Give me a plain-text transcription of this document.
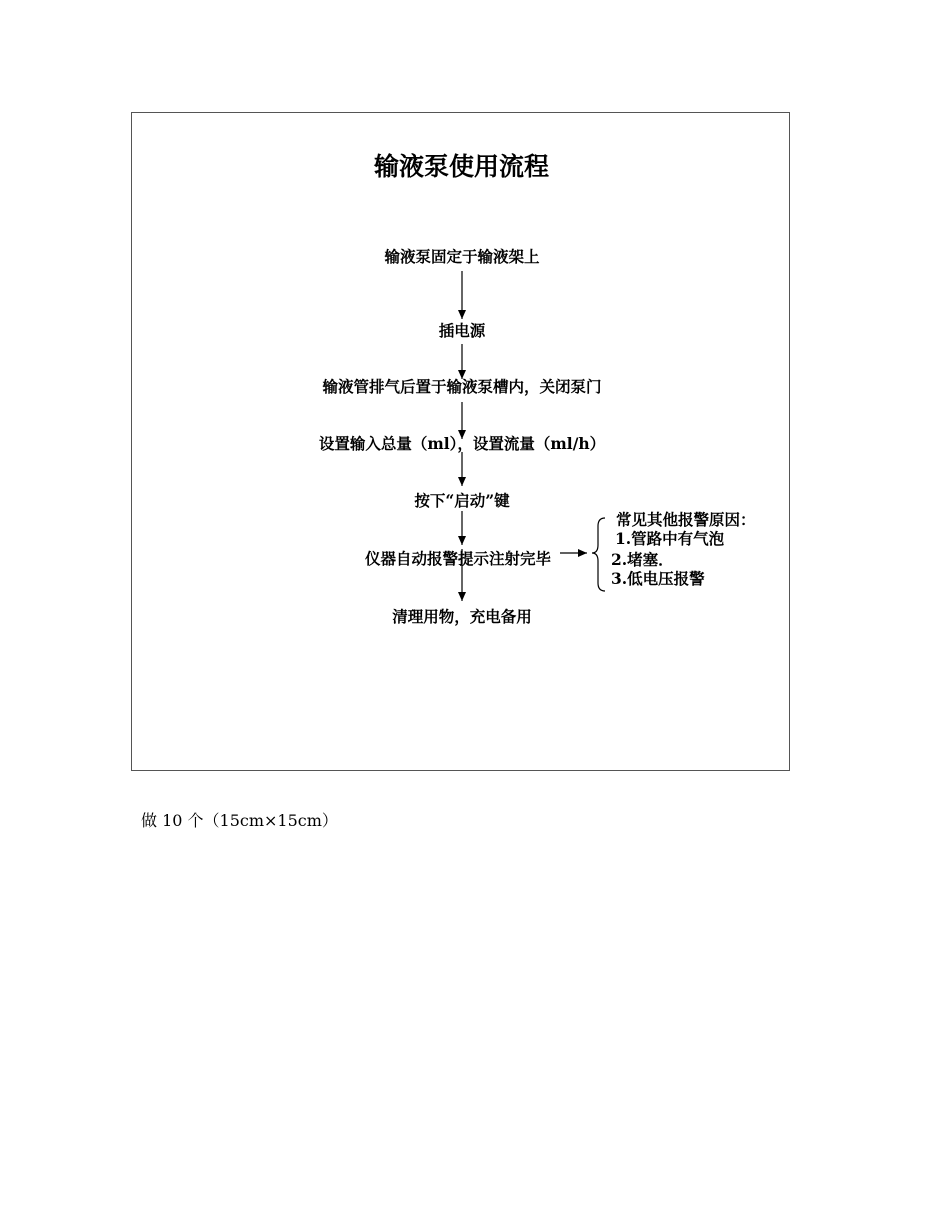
输液泵使用流程
输液泵固定于输液架上
插电源
输液管排气后置于输液泵槽内，关闭泵门
设置输入总量（ml），设置流量（ml/h）
按下“启动”键
仪器自动报警提示注射完毕
清理用物，充电备用
常见其他报警原因：
1.管路中有气泡
2.堵塞．
3.低电压报警
做 10 个（15cm×15cm）
